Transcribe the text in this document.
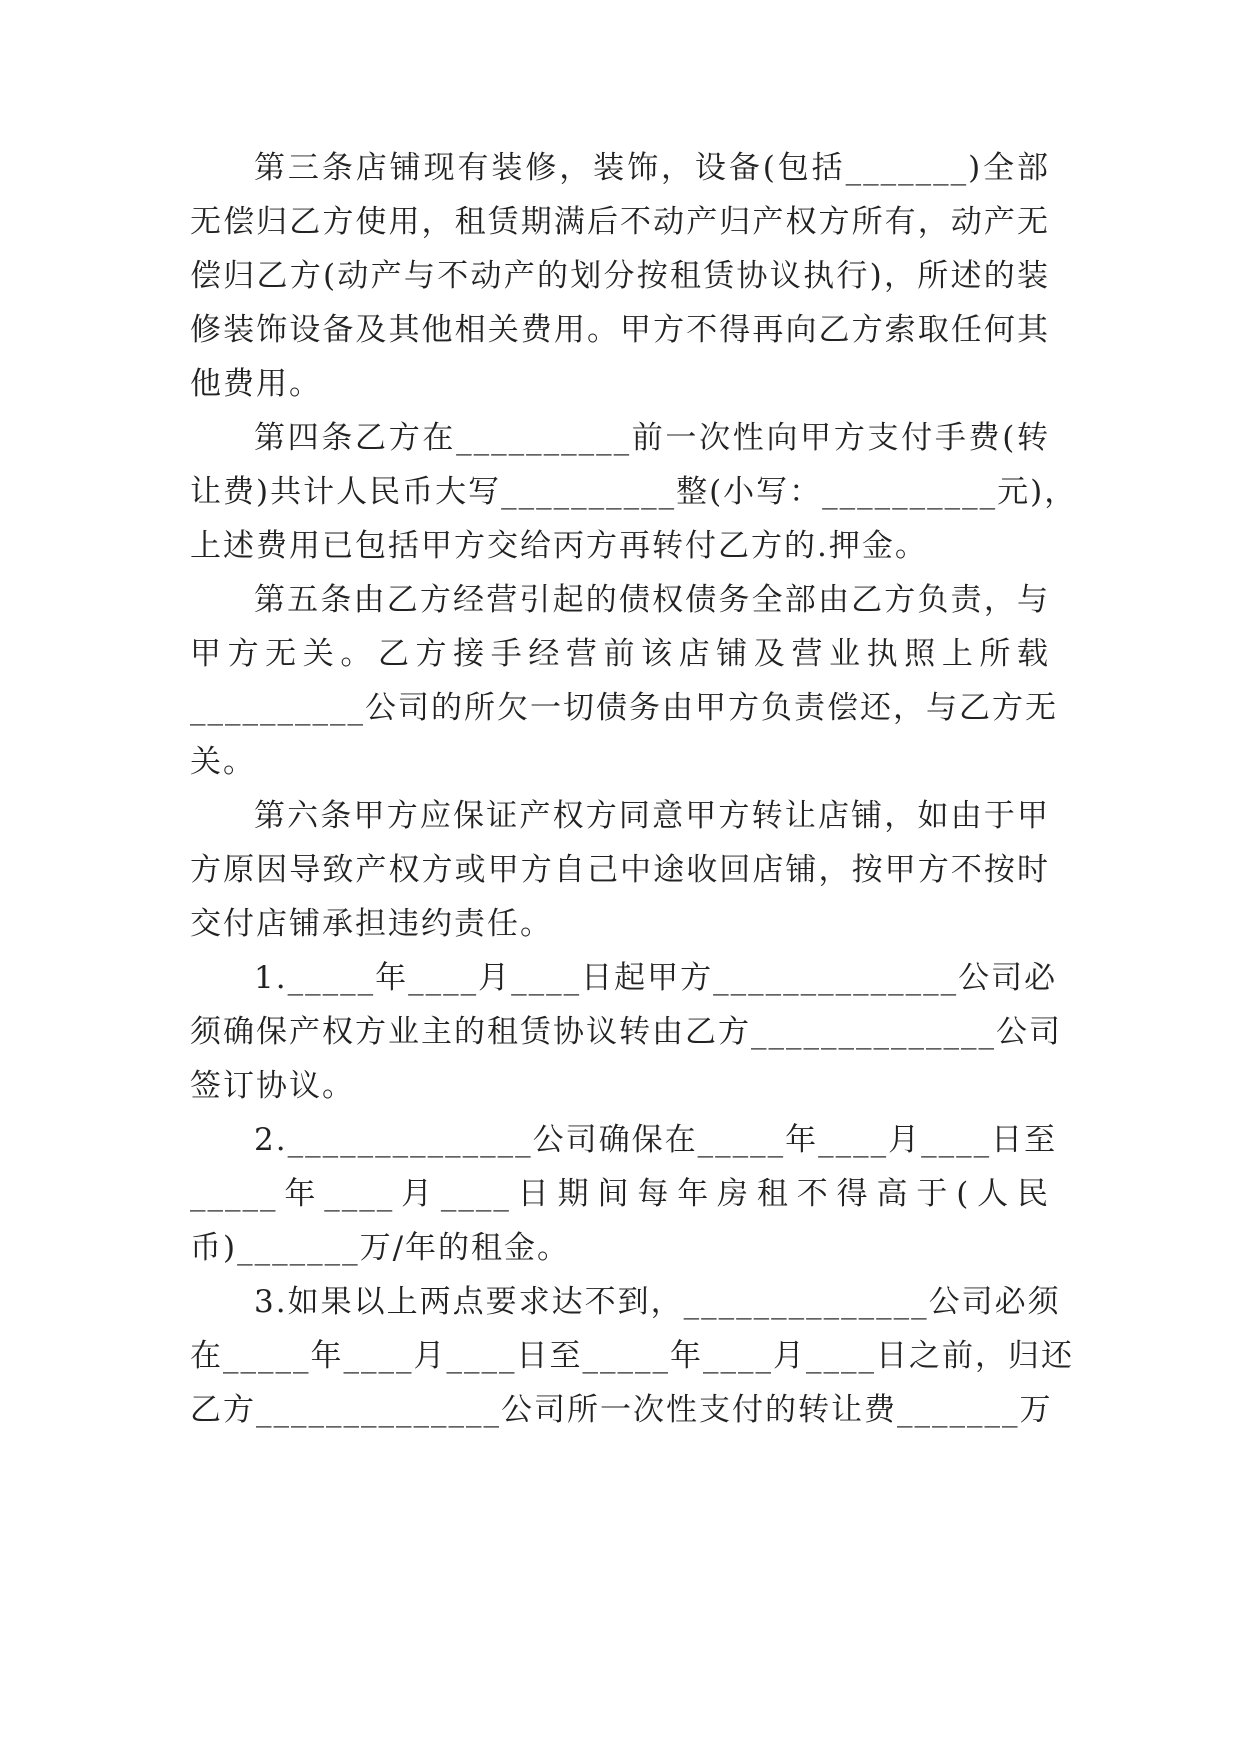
第三条店铺现有装修，装饰，设备(包括_______)全部
无偿归乙方使用，租赁期满后不动产归产权方所有，动产无
偿归乙方(动产与不动产的划分按租赁协议执行)，所述的装
修装饰设备及其他相关费用。甲方不得再向乙方索取任何其
他费用。
第四条乙方在__________前一次性向甲方支付手费(转
让费)共计人民币大写__________整(小写：__________元)，
上述费用已包括甲方交给丙方再转付乙方的.押金。
第五条由乙方经营引起的债权债务全部由乙方负责，与
甲方无关。乙方接手经营前该店铺及营业执照上所载
__________公司的所欠一切债务由甲方负责偿还，与乙方无
关。
第六条甲方应保证产权方同意甲方转让店铺，如由于甲
方原因导致产权方或甲方自己中途收回店铺，按甲方不按时
交付店铺承担违约责任。
1._____年____月____日起甲方______________公司必
须确保产权方业主的租赁协议转由乙方______________公司
签订协议。
2.______________公司确保在_____年____月____日至
_____年____月____日期间每年房租不得高于(人民
币)_______万/年的租金。
3.如果以上两点要求达不到，______________公司必须
在_____年____月____日至_____年____月____日之前，归还
乙方______________公司所一次性支付的转让费_______万
